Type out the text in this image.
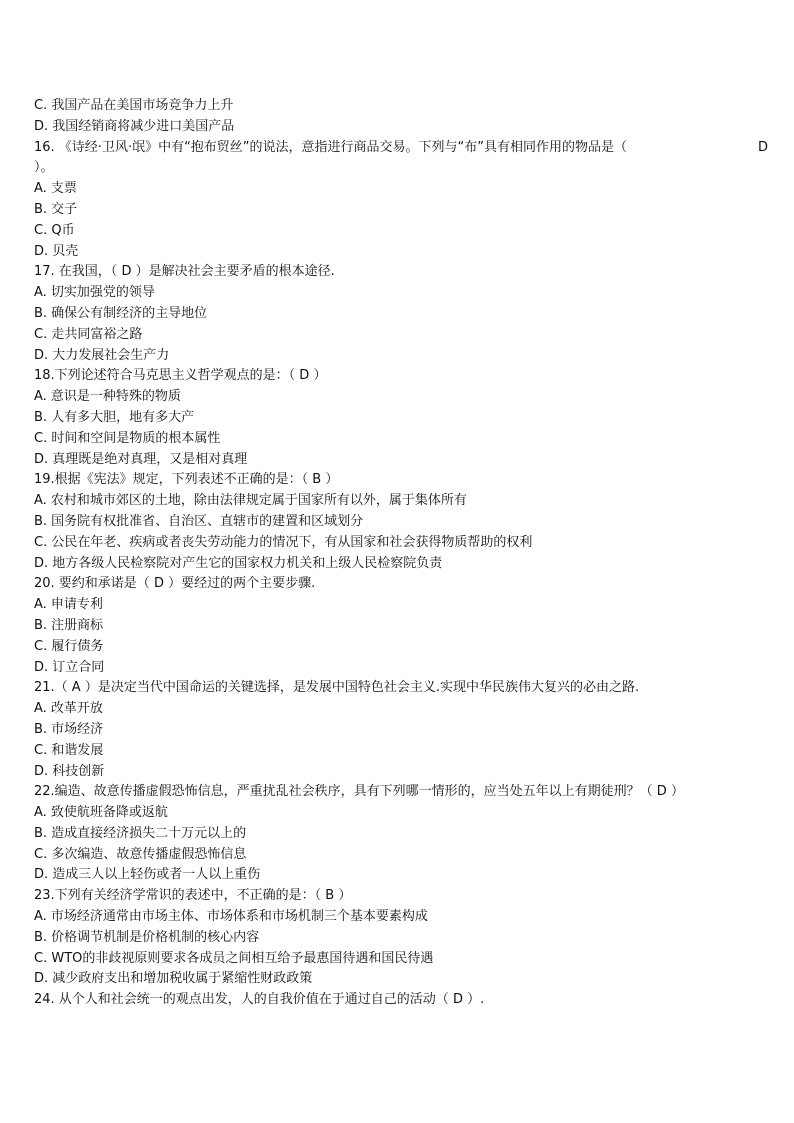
C. 我国产品在美国市场竞争力上升
D. 我国经销商将减少进口美国产品
16. 《诗经·卫风·氓》中有“抱布贸丝”的说法，意指进行商品交易。下列与“布”具有相同作用的物品是（	D
）。
A. 支票
B. 交子
C. Q币
D. 贝壳
17. 在我国，（ D ）是解决社会主要矛盾的根本途径.
A. 切实加强党的领导
B. 确保公有制经济的主导地位
C. 走共同富裕之路
D. 大力发展社会生产力
18.下列论述符合马克思主义哲学观点的是：（ D ）
A. 意识是一种特殊的物质
B. 人有多大胆，地有多大产
C. 时间和空间是物质的根本属性
D. 真理既是绝对真理，又是相对真理
19.根据《宪法》规定，下列表述不正确的是：（ B ）
A. 农村和城市郊区的土地，除由法律规定属于国家所有以外，属于集体所有
B. 国务院有权批准省、自治区、直辖市的建置和区域划分
C. 公民在年老、疾病或者丧失劳动能力的情况下，有从国家和社会获得物质帮助的权利
D. 地方各级人民检察院对产生它的国家权力机关和上级人民检察院负责
20. 要约和承诺是（ D ）要经过的两个主要步骤.
A. 申请专利
B. 注册商标
C. 履行债务
D. 订立合同
21.（ A ）是决定当代中国命运的关键选择，是发展中国特色社会主义.实现中华民族伟大复兴的必由之路.
A. 改革开放
B. 市场经济
C. 和谐发展
D. 科技创新
22.编造、故意传播虚假恐怖信息，严重扰乱社会秩序，具有下列哪一情形的，应当处五年以上有期徒刑？（ D ）
A. 致使航班备降或返航
B. 造成直接经济损失二十万元以上的
C. 多次编造、故意传播虚假恐怖信息
D. 造成三人以上轻伤或者一人以上重伤
23.下列有关经济学常识的表述中，不正确的是：（ B ）
A. 市场经济通常由市场主体、市场体系和市场机制三个基本要素构成
B. 价格调节机制是价格机制的核心内容
C. WTO的非歧视原则要求各成员之间相互给予最惠国待遇和国民待遇
D. 减少政府支出和增加税收属于紧缩性财政政策
24. 从个人和社会统一的观点出发，人的自我价值在于通过自己的活动（ D ）.
